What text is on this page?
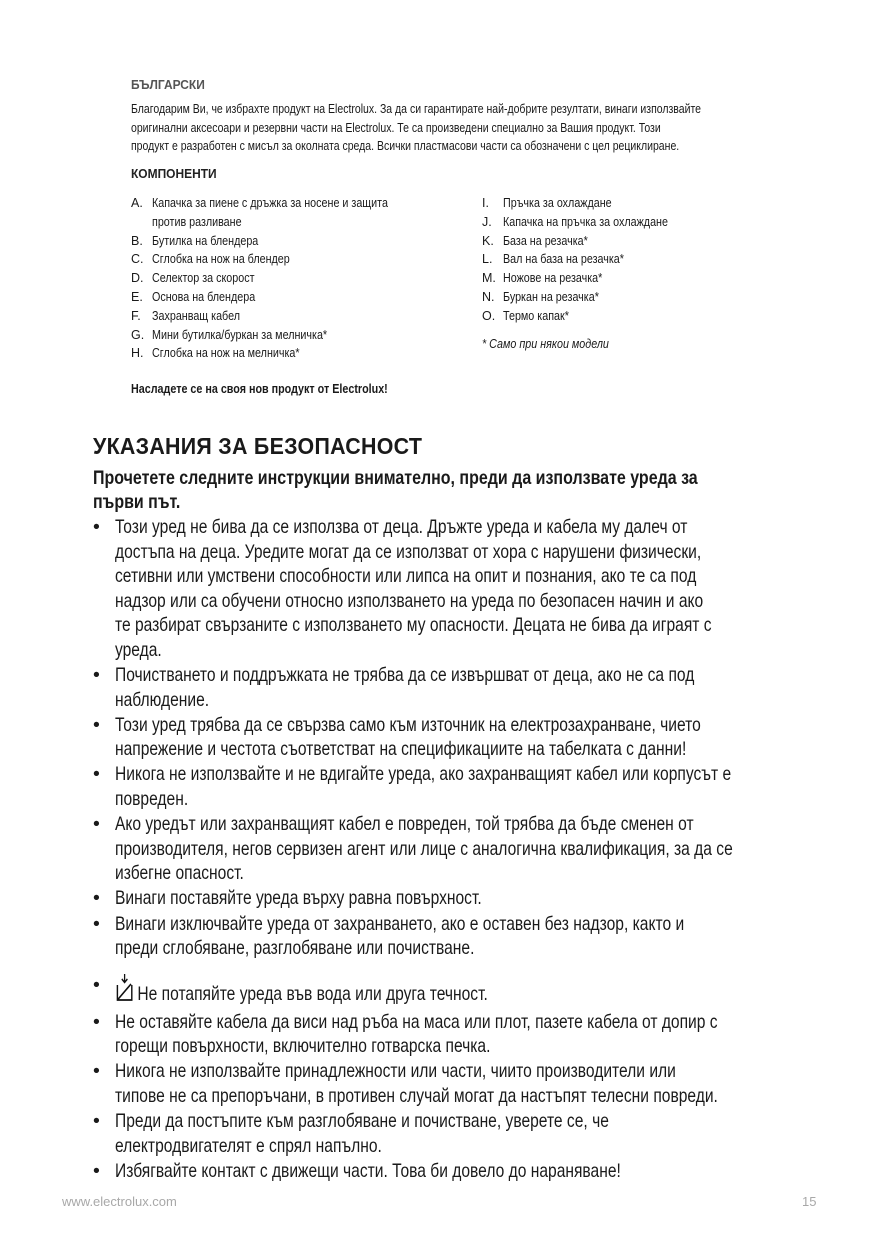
БЪЛГАРСКИ
Благодарим Ви, че избрахте продукт на Electrolux. За да си гарантирате най-добрите резултати, винаги използвайте
оригинални аксесоари и резервни части на Electrolux. Те са произведени специално за Вашия продукт. Този
продукт е разработен с мисъл за околната среда. Всички пластмасови части са обозначени с цел рециклиране.
КОМПОНЕНТИ
A. Капачка за пиене с дръжка за носене и защита
против разливане
B. Бутилка на блендера
C. Сглобка на нож на блендер
D. Селектор за скорост
E. Основа на блендера
F. Захранващ кабел
G. Мини бутилка/буркан за мелничка*
H. Сглобка на нож на мелничка*
I. Пръчка за охлаждане
J. Капачка на пръчка за охлаждане
K. База на резачка*
L. Вал на база на резачка*
M. Ножове на резачка*
N. Буркан на резачка*
O. Термо капак*
* Само при някои модели
Насладете се на своя нов продукт от Electrolux!
УКАЗАНИЯ ЗА БЕЗОПАСНОСТ
Прочетете следните инструкции внимателно, преди да използвате уреда за
първи път.
• Този уред не бива да се използва от деца. Дръжте уреда и кабела му далеч от
достъпа на деца. Уредите могат да се използват от хора с нарушени физически,
сетивни или умствени способности или липса на опит и познания, ако те са под
надзор или са обучени относно използването на уреда по безопасен начин и ако
те разбират свързаните с използването му опасности. Децата не бива да играят с
уреда.
• Почистването и поддръжката не трябва да се извършват от деца, ако не са под
наблюдение.
• Този уред трябва да се свързва само към източник на електрозахранване, чието
напрежение и честота съответстват на спецификациите на табелката с данни!
• Никога не използвайте и не вдигайте уреда, ако захранващият кабел или корпусът е
повреден.
• Ако уредът или захранващият кабел е повреден, той трябва да бъде сменен от
производителя, негов сервизен агент или лице с аналогична квалификация, за да се
избегне опасност.
• Винаги поставяйте уреда върху равна повърхност.
• Винаги изключвайте уреда от захранването, ако е оставен без надзор, както и
преди сглобяване, разглобяване или почистване.
•	Не потапяйте уреда във вода или друга течност.
• Не оставяйте кабела да виси над ръба на маса или плот, пазете кабела от допир с
горещи повърхности, включително готварска печка.
• Никога не използвайте принадлежности или части, чиито производители или
типове не са препоръчани, в противен случай могат да настъпят телесни повреди.
• Преди да постъпите към разглобяване и почистване, уверете се, че
електродвигателят е спрял напълно.
• Избягвайте контакт с движещи части. Това би довело до нараняване!
www.electrolux.com	15
